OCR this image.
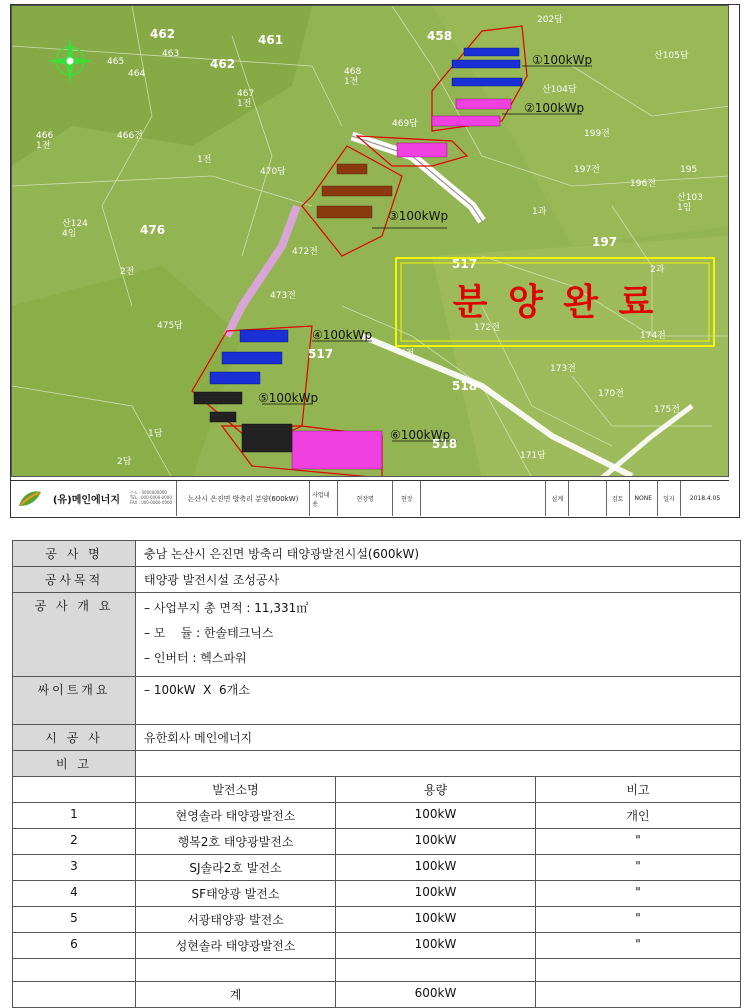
462	461	458
465
463
464
462
468 1전
467 1전
466 1전
466전
469답
470답
476
472전
473전
475답
517
518
197
195
196전
197전
199전
산104답
산105답
202답
172전
173전
174전
170전
175전
171답
1답
2답
1전
2전
산124 4임
산103 1임
2과
1과
4전
517
518
①100kWp
②100kWp
③100kWp
④100kWp
⑤100kWp
⑥100kWp
분 양 완 료
(유)메인에너지
주소 : 0000000000
TEL : 000-0000-0000
FAX : 000-0000-0000	논산시 은진면 방축리 분양(600kW)	사업내용
현장명	현장	설계	검토	NONE	일자	2018.4.05
공 사 명	충남 논산시 은진면 방축리 태양광발전시설(600kW)		
공사목적	태양광 발전시설 조성공사		
공 사 개 요	– 사업부지 총 면적 : 11,331㎡
– 모    듈 : 한솔테크닉스
– 인버터 : 헥스파워		

싸이트개요	– 100kW  X  6개소		
시 공 사	유한회사 메인에너지		
비 고			
	발전소명	용량	비고
1	현영솔라 태양광발전소	100kW	개인
2	행복2호 태양광발전소	100kW	"
3	SJ솔라2호 발전소	100kW	"
4	SF태양광 발전소	100kW	"
5	서광태양광 발전소	100kW	"
6	성현솔라 태양광발전소	100kW	"

	계	600kW	
